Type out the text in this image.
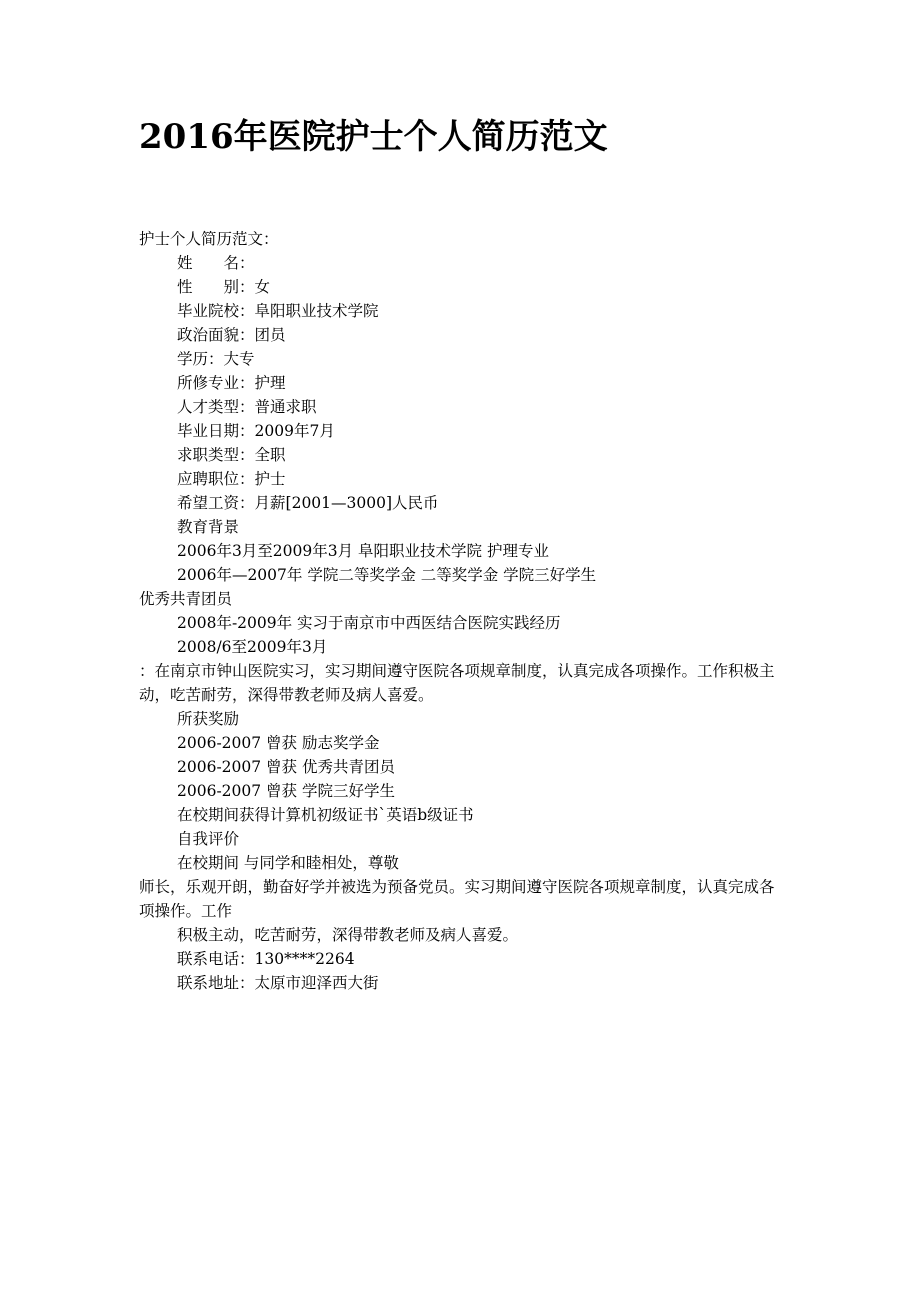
2016年医院护士个人简历范文
护士个人简历范文：
姓　　名：
性　　别：女
毕业院校：阜阳职业技术学院
政治面貌：团员
学历：大专
所修专业：护理
人才类型：普通求职
毕业日期：2009年7月
求职类型：全职
应聘职位：护士
希望工资：月薪[2001—3000]人民币
教育背景
2006年3月至2009年3月 阜阳职业技术学院 护理专业
2006年—2007年 学院二等奖学金 二等奖学金 学院三好学生
优秀共青团员
2008年-2009年 实习于南京市中西医结合医院实践经历
2008/6至2009年3月
：在南京市钟山医院实习，实习期间遵守医院各项规章制度，认真完成各项操作。工作积极主动，吃苦耐劳，深得带教老师及病人喜爱。
所获奖励
2006-2007 曾获 励志奖学金
2006-2007 曾获 优秀共青团员
2006-2007 曾获 学院三好学生
在校期间获得计算机初级证书`英语b级证书
自我评价
在校期间 与同学和睦相处，尊敬
师长，乐观开朗，勤奋好学并被选为预备党员。实习期间遵守医院各项规章制度，认真完成各项操作。工作
积极主动，吃苦耐劳，深得带教老师及病人喜爱。
联系电话：130****2264
联系地址：太原市迎泽西大街
